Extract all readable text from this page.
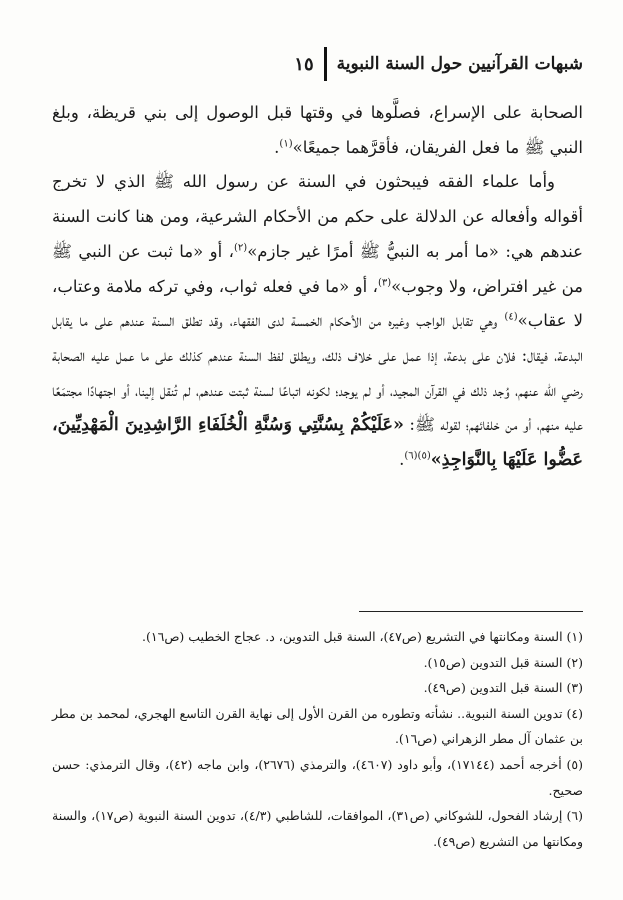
شبهات القرآنيين حول السنة النبوية
١٥

الصحابة على الإسراع، فصلَّوها في وقتها قبل الوصول إلى بني قريظة، وبلغ النبي ﷺ ما فعل الفريقان، فأقرَّهما جميعًا»$^{(١)}$.

وأما علماء الفقه فيبحثون في السنة عن رسول الله ﷺ الذي لا تخرج أقواله وأفعاله عن الدلالة على حكم من الأحكام الشرعية، ومن هنا كانت السنة عندهم هي: «ما أمر به النبيُّ ﷺ أمرًا غير جازم»$^{(٢)}$، أو «ما ثبت عن النبي ﷺ من غير افتراض، ولا وجوب»$^{(٣)}$، أو «ما في فعله ثواب، وفي تركه ملامة وعتاب، لا عقاب»$^{(٤)}$ وهي تقابل الواجب وغيره من الأحكام الخمسة لدى الفقهاء، وقد تطلق السنة عندهم على ما يقابل البدعة، فيقال: فلان على بدعة، إذا عمل على خلاف ذلك، ويطلق لفظ السنة عندهم كذلك على ما عمل عليه الصحابة رضي الله عنهم، وُجد ذلك في القرآن المجيد، أو لم يوجد؛ لكونه اتباعًا لسنة ثبتت عندهم، لم تُنقل إلينا، أو اجتهادًا مجتمَعًا عليه منهم، أو من خلفائهم؛ لقوله ﷺ: «عَلَيْكُمْ بِسُنَّتِي وَسُنَّةِ الْخُلَفَاءِ الرَّاشِدِينَ الْمَهْدِيِّينَ، عَضُّوا عَلَيْهَا بِالنَّوَاجِذِ»$^{(٥)(٦)}$.

(١) السنة ومكانتها في التشريع (ص٤٧)، السنة قبل التدوين، د. عجاج الخطيب (ص١٦).

(٢) السنة قبل التدوين (ص١٥).

(٣) السنة قبل التدوين (ص٤٩).

(٤) تدوين السنة النبوية.. نشأته وتطوره من القرن الأول إلى نهاية القرن التاسع الهجري، لمحمد بن مطر بن عثمان آل مطر الزهراني (ص١٦).

(٥) أخرجه أحمد (١٧١٤٤)، وأبو داود (٤٦٠٧)، والترمذي (٢٦٧٦)، وابن ماجه (٤٢)، وقال الترمذي: حسن صحيح.

(٦) إرشاد الفحول، للشوكاني (ص٣١)، الموافقات، للشاطبي (٤/٣)، تدوين السنة النبوية (ص١٧)، والسنة ومكانتها من التشريع (ص٤٩).
